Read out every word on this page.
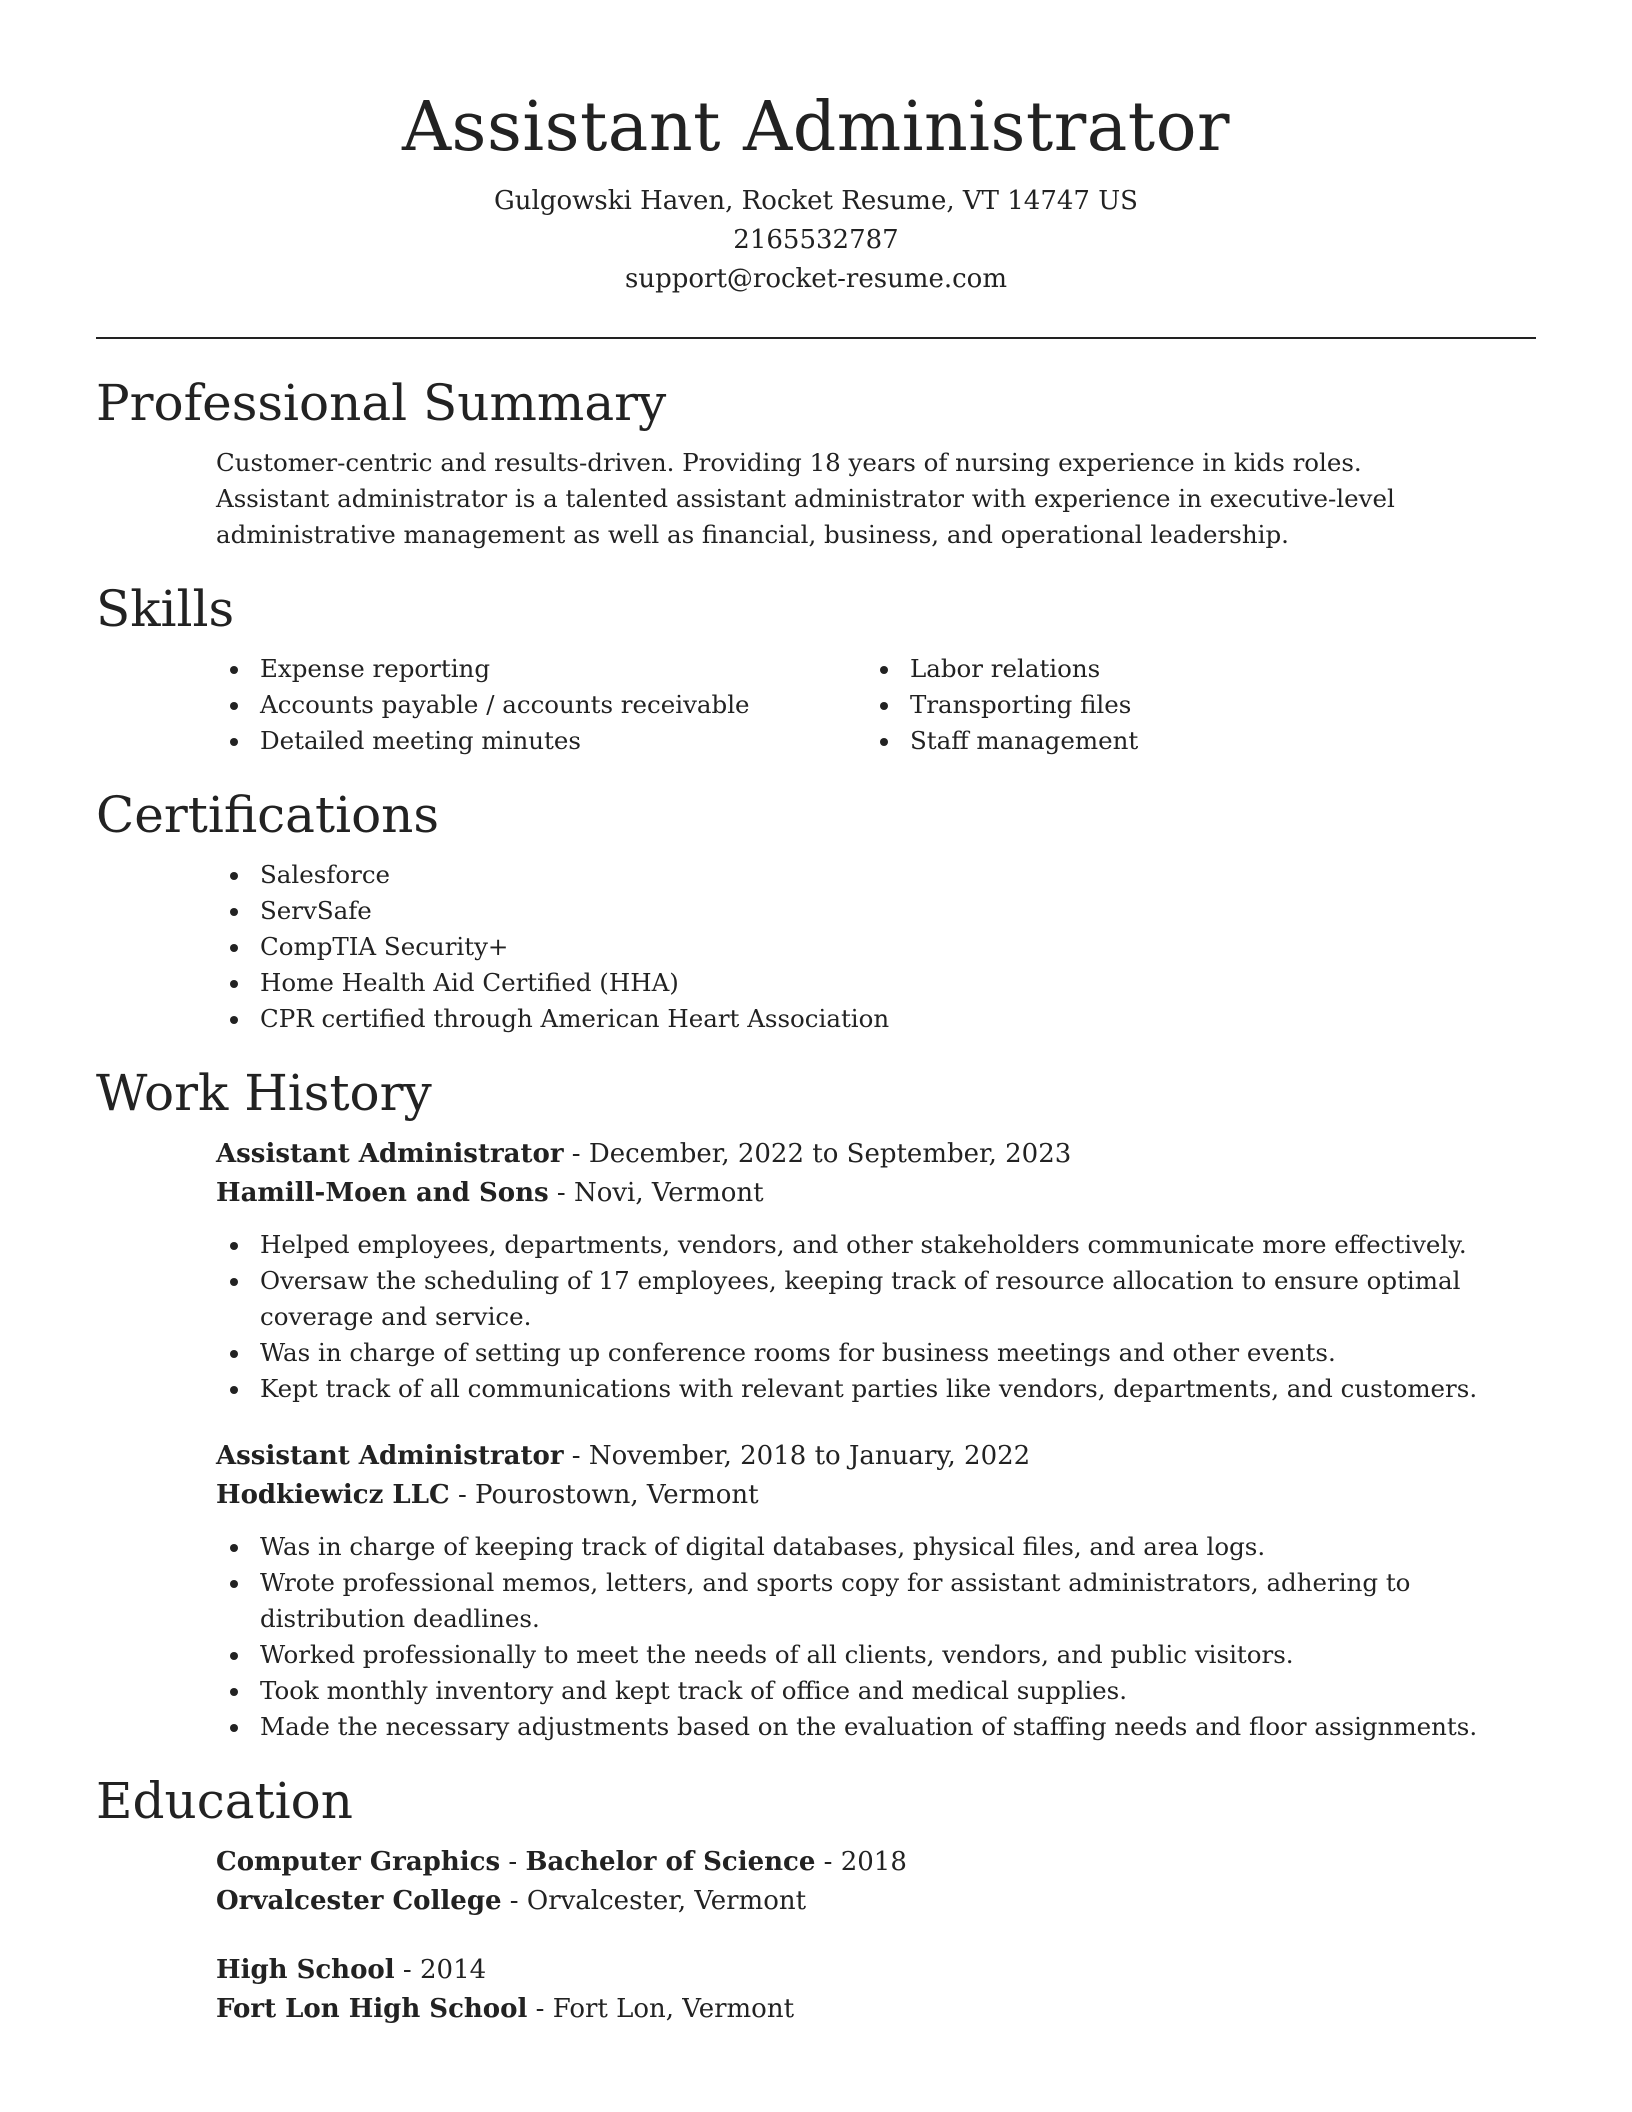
Assistant Administrator
Gulgowski Haven, Rocket Resume, VT 14747 US
2165532787
support@rocket-resume.com
Professional Summary

Customer-centric and results-driven. Providing 18 years of nursing experience in kids roles. Assistant administrator is a talented assistant administrator with experience in executive-level administrative management as well as financial, business, and operational leadership.

Skills
Expense reporting
Accounts payable / accounts receivable
Detailed meeting minutes
Labor relations
Transporting files
Staff management
Certifications
Salesforce
ServSafe
CompTIA Security+
Home Health Aid Certified (HHA)
CPR certified through American Heart Association
Work History
Assistant Administrator - December, 2022 to September, 2023
Hamill-Moen and Sons - Novi, Vermont
Helped employees, departments, vendors, and other stakeholders communicate more effectively.
Oversaw the scheduling of 17 employees, keeping track of resource allocation to ensure optimal coverage and service.
Was in charge of setting up conference rooms for business meetings and other events.
Kept track of all communications with relevant parties like vendors, departments, and customers.
Assistant Administrator - November, 2018 to January, 2022
Hodkiewicz LLC - Pourostown, Vermont
Was in charge of keeping track of digital databases, physical files, and area logs.
Wrote professional memos, letters, and sports copy for assistant administrators, adhering to distribution deadlines.
Worked professionally to meet the needs of all clients, vendors, and public visitors.
Took monthly inventory and kept track of office and medical supplies.
Made the necessary adjustments based on the evaluation of staffing needs and floor assignments.
Education
Computer Graphics - Bachelor of Science - 2018
Orvalcester College - Orvalcester, Vermont
High School - 2014
Fort Lon High School - Fort Lon, Vermont
